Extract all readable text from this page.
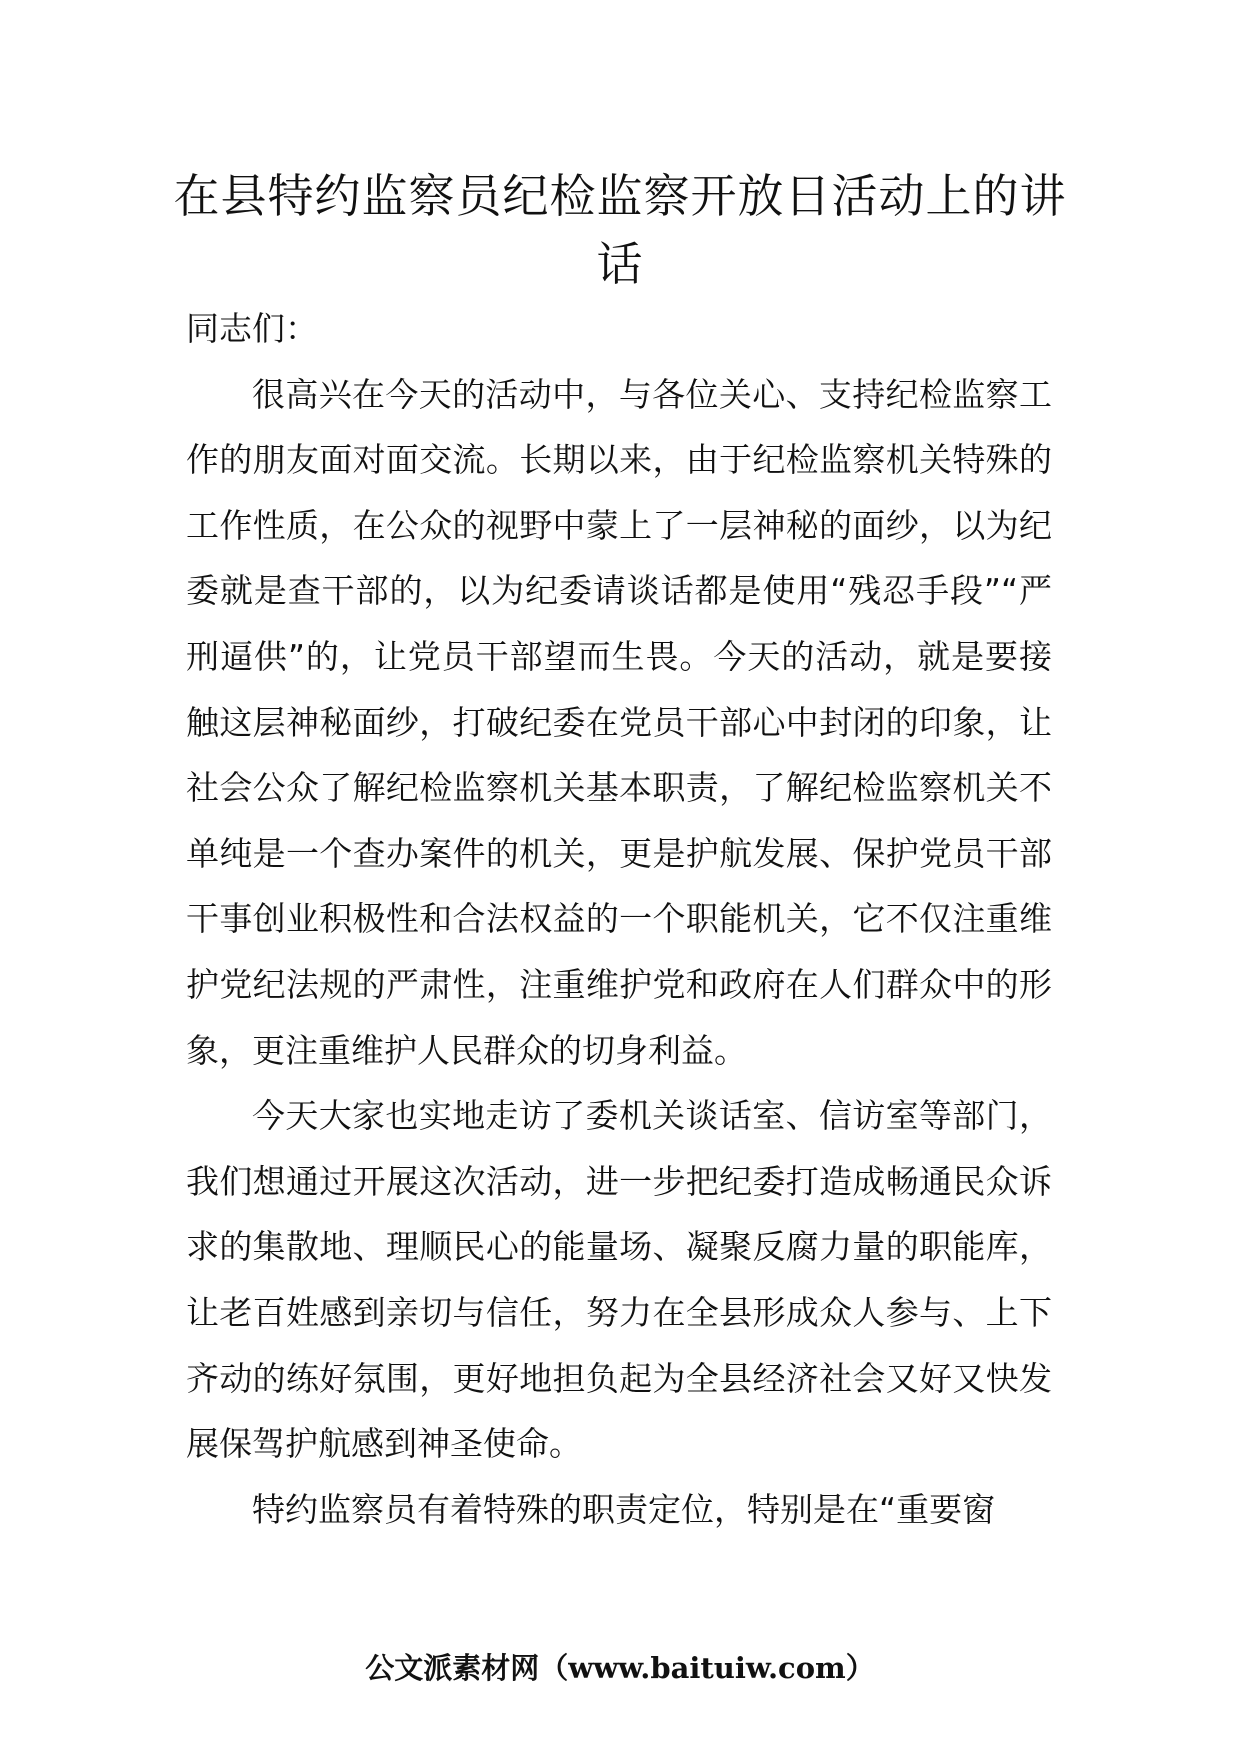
在县特约监察员纪检监察开放日活动上的讲话

同志们：

很高兴在今天的活动中，与各位关心、支持纪检监察工作的朋友面对面交流。长期以来，由于纪检监察机关特殊的工作性质，在公众的视野中蒙上了一层神秘的面纱，以为纪委就是查干部的，以为纪委请谈话都是使用“残忍手段”“严刑逼供”的，让党员干部望而生畏。今天的活动，就是要接触这层神秘面纱，打破纪委在党员干部心中封闭的印象，让社会公众了解纪检监察机关基本职责，了解纪检监察机关不单纯是一个查办案件的机关，更是护航发展、保护党员干部干事创业积极性和合法权益的一个职能机关，它不仅注重维护党纪法规的严肃性，注重维护党和政府在人们群众中的形象，更注重维护人民群众的切身利益。

今天大家也实地走访了委机关谈话室、信访室等部门，我们想通过开展这次活动，进一步把纪委打造成畅通民众诉求的集散地、理顺民心的能量场、凝聚反腐力量的职能库，让老百姓感到亲切与信任，努力在全县形成众人参与、上下齐动的练好氛围，更好地担负起为全县经济社会又好又快发展保驾护航感到神圣使命。

特约监察员有着特殊的职责定位，特别是在“重要窗

公文派素材网（www.baituiw.com）
